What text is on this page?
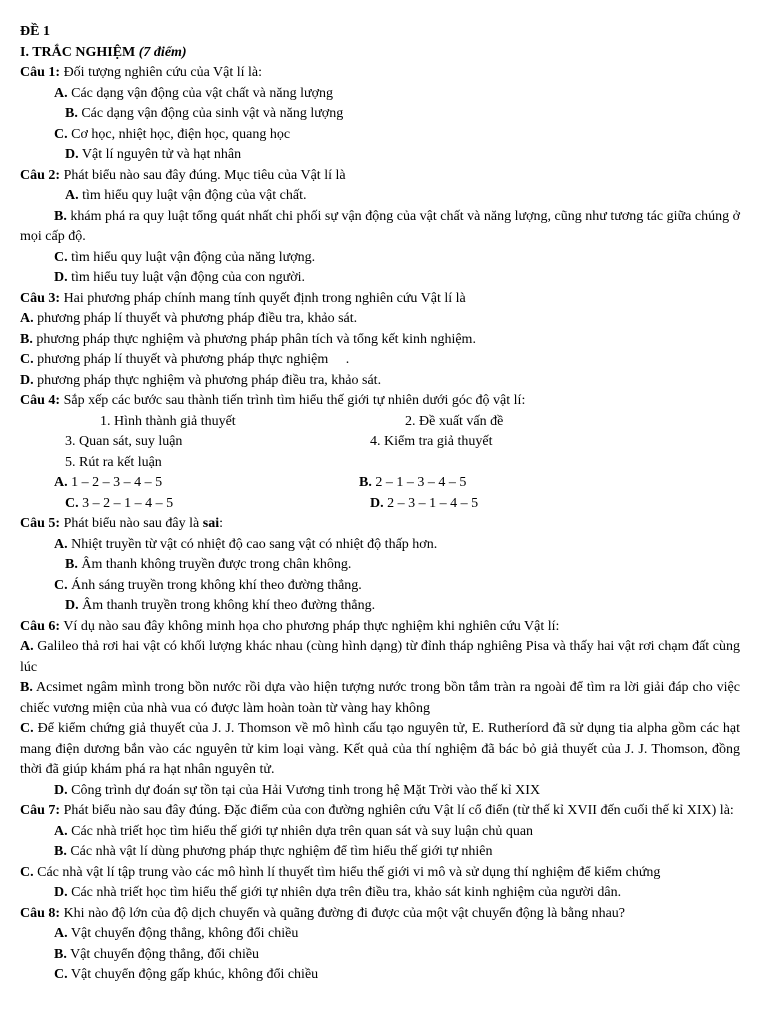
ĐỀ 1
I. TRẮC NGHIỆM (7 điểm)
Câu 1: Đối tượng nghiên cứu của Vật lí là:
A. Các dạng vận động của vật chất và năng lượng
B. Các dạng vận động của sinh vật và năng lượng
C. Cơ học, nhiệt học, điện học, quang học
D. Vật lí nguyên tử và hạt nhân
Câu 2: Phát biểu nào sau đây đúng. Mục tiêu của Vật lí là
A. tìm hiểu quy luật vận động của vật chất.
B. khám phá ra quy luật tổng quát nhất chi phối sự vận động của vật chất và năng lượng, cũng như tương tác giữa chúng ở mọi cấp độ.
C. tìm hiểu quy luật vận động của năng lượng.
D. tìm hiểu tuy luật vận động của con người.
Câu 3: Hai phương pháp chính mang tính quyết định trong nghiên cứu Vật lí là
A. phương pháp lí thuyết và phương pháp điều tra, khảo sát.
B. phương pháp thực nghiệm và phương pháp phân tích và tổng kết kinh nghiệm.
C. phương pháp lí thuyết và phương pháp thực nghiệm     .
D. phương pháp thực nghiệm và phương pháp điều tra, khảo sát.
Câu 4: Sắp xếp các bước sau thành tiến trình tìm hiểu thế giới tự nhiên dưới góc độ vật lí:
1. Hình thành giả thuyết	2. Đề xuất vấn đề
3. Quan sát, suy luận	4. Kiểm tra giả thuyết
5. Rút ra kết luận
A. 1 – 2 – 3 – 4 – 5	B. 2 – 1 – 3 – 4 – 5
C. 3 – 2 – 1 – 4 – 5	D. 2 – 3 – 1 – 4 – 5
Câu 5: Phát biểu nào sau đây là sai:
A. Nhiệt truyền từ vật có nhiệt độ cao sang vật có nhiệt độ thấp hơn.
B. Âm thanh không truyền được trong chân không.
C. Ánh sáng truyền trong không khí theo đường thẳng.
D. Âm thanh truyền trong không khí theo đường thẳng.
Câu 6: Ví dụ nào sau đây không minh họa cho phương pháp thực nghiệm khi nghiên cứu Vật lí:
A. Galileo thả rơi hai vật có khối lượng khác nhau (cùng hình dạng) từ đỉnh tháp nghiêng Pisa và thấy hai vật rơi chạm đất cùng lúc
B. Acsimet ngâm mình trong bồn nước rồi dựa vào hiện tượng nước trong bồn tắm tràn ra ngoài để tìm ra lời giải đáp cho việc chiếc vương miện của nhà vua có được làm hoàn toàn từ vàng hay không
C. Để kiểm chứng giả thuyết của J. J. Thomson về mô hình cấu tạo nguyên tử, E. Rutheríord đã sử dụng tia alpha gồm các hạt mang điện dương bắn vào các nguyên tử kim loại vàng. Kết quả của thí nghiệm đã bác bỏ giả thuyết của J. J. Thomson, đồng thời đã giúp khám phá ra hạt nhân nguyên tử.
D. Công trình dự đoán sự tồn tại của Hải Vương tinh trong hệ Mặt Trời vào thế kỉ XIX
Câu 7: Phát biểu nào sau đây đúng. Đặc điểm của con đường nghiên cứu Vật lí cổ điển (từ thế kỉ XVII đến cuối thế kỉ XIX) là:
A. Các nhà triết học tìm hiểu thế giới tự nhiên dựa trên quan sát và suy luận chủ quan
B. Các nhà vật lí dùng phương pháp thực nghiệm để tìm hiểu thế giới tự nhiên
C. Các nhà vật lí tập trung vào các mô hình lí thuyết tìm hiểu thế giới vi mô và sử dụng thí nghiệm để kiểm chứng
D. Các nhà triết học tìm hiểu thế giới tự nhiên dựa trên điều tra, khảo sát kinh nghiệm của người dân.
Câu 8: Khi nào độ lớn của độ dịch chuyển và quãng đường đi được của một vật chuyển động là bằng nhau?
A. Vật chuyển động thẳng, không đổi chiều
B. Vật chuyển động thẳng, đổi chiều
C. Vật chuyển động gấp khúc, không đổi chiều
